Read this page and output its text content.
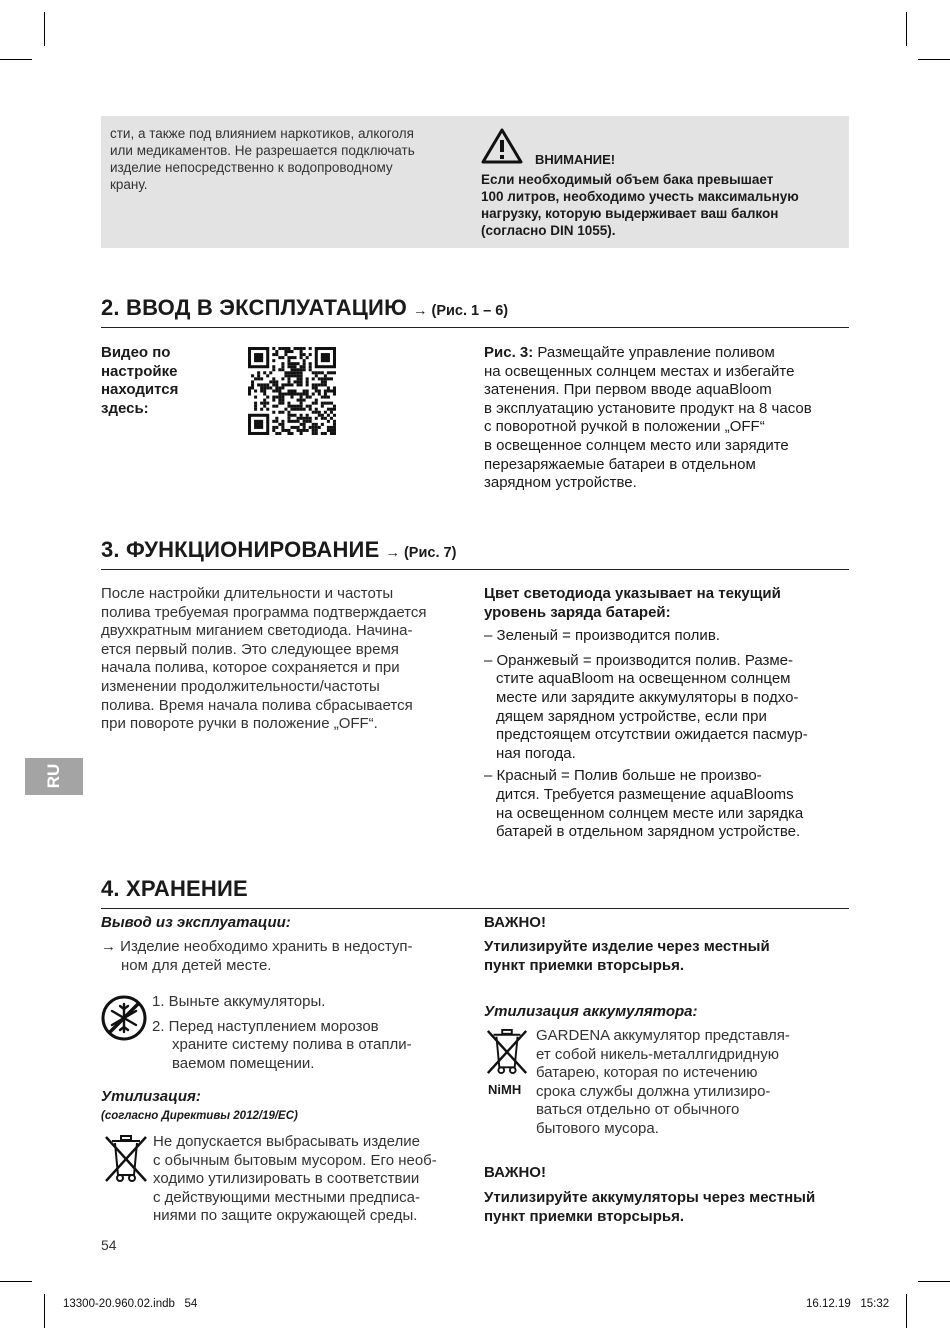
сти, а также под влиянием наркотиков, алкоголя
или медикаментов. Не разрешается подключать
изделие непосредственно к водопроводному
крану.
ВНИМАНИЕ!
Если необходимый объем бака превышает
100 литров, необходимо учесть максимальную
нагрузку, которую выдерживает ваш балкон
(согласно DIN 1055).
2. ВВОД В ЭКСПЛУАТАЦИЮ → (Рис. 1 – 6)
Видео по
настройке
находится
здесь:
Рис. 3: Размещайте управление поливом
на освещенных солнцем местах и избегайте
затенения. При первом вводе aquaBloom
в эксплуатацию установите продукт на 8 часов
с поворотной ручкой в положении „OFF“
в освещенное солнцем место или зарядите
перезаряжаемые батареи в отдельном
зарядном устройстве.
3. ФУНКЦИОНИРОВАНИЕ → (Рис. 7)
После настройки длительности и частоты
полива требуемая программа подтверждается
двухкратным миганием светодиода. Начина-
ется первый полив. Это следующее время
начала полива, которое сохраняется и при
изменении продолжительности/частоты
полива. Время начала полива сбрасывается
при повороте ручки в положение „OFF“.
Цвет светодиода указывает на текущий
уровень заряда батарей:
– Зеленый = производится полив.
– Оранжевый = производится полив. Разме-
стите aquaBloom на освещенном солнцем
месте или зарядите аккумуляторы в подхо-
дящем зарядном устройстве, если при
предстоящем отсутствии ожидается пасмур-
ная погода.
– Красный = Полив больше не произво-
дится. Требуется размещение aquaBlooms
на освещенном солнцем месте или зарядка
батарей в отдельном зарядном устройстве.
RU
4. ХРАНЕНИЕ
Вывод из эксплуатации:
→ Изделие необходимо хранить в недоступ-
ном для детей месте.
1. Выньте аккумуляторы.
2. Перед наступлением морозов
храните систему полива в отапли-
ваемом помещении.
Утилизация:
(согласно Директивы 2012/19/EC)
Не допускается выбрасывать изделие
с обычным бытовым мусором. Его необ-
ходимо утилизировать в соответствии
с действующими местными предписа-
ниями по защите окружающей среды.
ВАЖНО!
Утилизируйте изделие через местный
пункт приемки вторсырья.
Утилизация аккумулятора:
NiMH
GARDENA аккумулятор представля-
ет собой никель-металлгидридную
батарею, которая по истечению
срока службы должна утилизиро-
ваться отдельно от обычного
бытового мусора.
ВАЖНО!
Утилизируйте аккумуляторы через местный
пункт приемки вторсырья.
54
13300-20.960.02.indb   54	16.12.19   15:32
